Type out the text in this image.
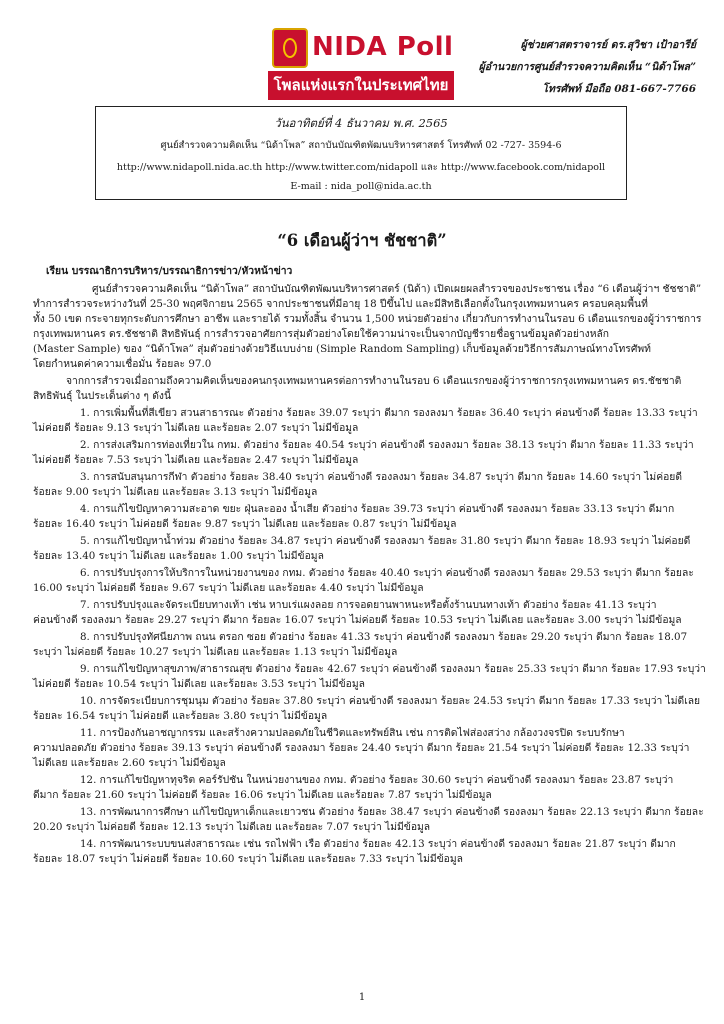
NIDA Poll
โพลแห่งแรกในประเทศไทย
ผู้ช่วยศาสตราจารย์ ดร.สุวิชา เป้าอารีย์
ผู้อำนวยการศูนย์สำรวจความคิดเห็น “นิด้าโพล”
โทรศัพท์ มือถือ 081-667-7766
วันอาทิตย์ที่ 4 ธันวาคม พ.ศ. 2565
ศูนย์สำรวจความคิดเห็น “นิด้าโพล” สถาบันบัณฑิตพัฒนบริหารศาสตร์ โทรศัพท์ 02 -727- 3594-6
http://www.nidapoll.nida.ac.th http://www.twitter.com/nidapoll และ http://www.facebook.com/nidapoll
E-mail : nida_poll@nida.ac.th
“6 เดือนผู้ว่าฯ ชัชชาติ”
เรียน บรรณาธิการบริหาร/บรรณาธิการข่าว/หัวหน้าข่าว
ศูนย์สำรวจความคิดเห็น “นิด้าโพล” สถาบันบัณฑิตพัฒนบริหารศาสตร์ (นิด้า) เปิดเผยผลสำรวจของประชาชน เรื่อง “6 เดือนผู้ว่าฯ ชัชชาติ”
ทำการสำรวจระหว่างวันที่ 25-30 พฤศจิกายน 2565 จากประชาชนที่มีอายุ 18 ปีขึ้นไป และมีสิทธิเลือกตั้งในกรุงเทพมหานคร ครอบคลุมพื้นที่
ทั้ง 50 เขต กระจายทุกระดับการศึกษา อาชีพ และรายได้ รวมทั้งสิ้น จำนวน 1,500 หน่วยตัวอย่าง เกี่ยวกับการทำงานในรอบ 6 เดือนแรกของผู้ว่าราชการ
กรุงเทพมหานคร ดร.ชัชชาติ สิทธิพันธุ์ การสำรวจอาศัยการสุ่มตัวอย่างโดยใช้ความน่าจะเป็นจากบัญชีรายชื่อฐานข้อมูลตัวอย่างหลัก
(Master Sample) ของ “นิด้าโพล” สุ่มตัวอย่างด้วยวิธีแบบง่าย (Simple Random Sampling) เก็บข้อมูลด้วยวิธีการสัมภาษณ์ทางโทรศัพท์
โดยกำหนดค่าความเชื่อมั่น ร้อยละ 97.0
จากการสำรวจเมื่อถามถึงความคิดเห็นของคนกรุงเทพมหานครต่อการทำงานในรอบ 6 เดือนแรกของผู้ว่าราชการกรุงเทพมหานคร ดร.ชัชชาติ
สิทธิพันธุ์ ในประเด็นต่าง ๆ ดังนี้
1. การเพิ่มพื้นที่สีเขียว สวนสาธารณะ ตัวอย่าง ร้อยละ 39.07 ระบุว่า ดีมาก รองลงมา ร้อยละ 36.40 ระบุว่า ค่อนข้างดี ร้อยละ 13.33 ระบุว่า
ไม่ค่อยดี ร้อยละ 9.13 ระบุว่า ไม่ดีเลย และร้อยละ 2.07 ระบุว่า ไม่มีข้อมูล
2. การส่งเสริมการท่องเที่ยวใน กทม. ตัวอย่าง ร้อยละ 40.54 ระบุว่า ค่อนข้างดี รองลงมา ร้อยละ 38.13 ระบุว่า ดีมาก ร้อยละ 11.33 ระบุว่า
ไม่ค่อยดี ร้อยละ 7.53 ระบุว่า ไม่ดีเลย และร้อยละ 2.47 ระบุว่า ไม่มีข้อมูล
3. การสนับสนุนการกีฬา ตัวอย่าง ร้อยละ 38.40 ระบุว่า ค่อนข้างดี รองลงมา ร้อยละ 34.87 ระบุว่า ดีมาก ร้อยละ 14.60 ระบุว่า ไม่ค่อยดี
ร้อยละ 9.00 ระบุว่า ไม่ดีเลย และร้อยละ 3.13 ระบุว่า ไม่มีข้อมูล
4. การแก้ไขปัญหาความสะอาด ขยะ ฝุ่นละออง น้ำเสีย ตัวอย่าง ร้อยละ 39.73 ระบุว่า ค่อนข้างดี รองลงมา ร้อยละ 33.13 ระบุว่า ดีมาก
ร้อยละ 16.40 ระบุว่า ไม่ค่อยดี ร้อยละ 9.87 ระบุว่า ไม่ดีเลย และร้อยละ 0.87 ระบุว่า ไม่มีข้อมูล
5. การแก้ไขปัญหาน้ำท่วม ตัวอย่าง ร้อยละ 34.87 ระบุว่า ค่อนข้างดี รองลงมา ร้อยละ 31.80 ระบุว่า ดีมาก ร้อยละ 18.93 ระบุว่า ไม่ค่อยดี
ร้อยละ 13.40 ระบุว่า ไม่ดีเลย และร้อยละ 1.00 ระบุว่า ไม่มีข้อมูล
6. การปรับปรุงการให้บริการในหน่วยงานของ กทม. ตัวอย่าง ร้อยละ 40.40 ระบุว่า ค่อนข้างดี รองลงมา ร้อยละ 29.53 ระบุว่า ดีมาก ร้อยละ
16.00 ระบุว่า ไม่ค่อยดี ร้อยละ 9.67 ระบุว่า ไม่ดีเลย และร้อยละ 4.40 ระบุว่า ไม่มีข้อมูล
7. การปรับปรุงและจัดระเบียบทางเท้า เช่น หาบเร่แผงลอย การจอดยานพาหนะหรือตั้งร้านบนทางเท้า ตัวอย่าง ร้อยละ 41.13 ระบุว่า
ค่อนข้างดี รองลงมา ร้อยละ 29.27 ระบุว่า ดีมาก ร้อยละ 16.07 ระบุว่า ไม่ค่อยดี ร้อยละ 10.53 ระบุว่า ไม่ดีเลย และร้อยละ 3.00 ระบุว่า ไม่มีข้อมูล
8. การปรับปรุงทัศนียภาพ ถนน ตรอก ซอย ตัวอย่าง ร้อยละ 41.33 ระบุว่า ค่อนข้างดี รองลงมา ร้อยละ 29.20 ระบุว่า ดีมาก ร้อยละ 18.07
ระบุว่า ไม่ค่อยดี ร้อยละ 10.27 ระบุว่า ไม่ดีเลย และร้อยละ 1.13 ระบุว่า ไม่มีข้อมูล
9. การแก้ไขปัญหาสุขภาพ/สาธารณสุข ตัวอย่าง ร้อยละ 42.67 ระบุว่า ค่อนข้างดี รองลงมา ร้อยละ 25.33 ระบุว่า ดีมาก ร้อยละ 17.93 ระบุว่า
ไม่ค่อยดี ร้อยละ 10.54 ระบุว่า ไม่ดีเลย และร้อยละ 3.53 ระบุว่า ไม่มีข้อมูล
10. การจัดระเบียบการชุมนุม ตัวอย่าง ร้อยละ 37.80 ระบุว่า ค่อนข้างดี รองลงมา ร้อยละ 24.53 ระบุว่า ดีมาก ร้อยละ 17.33 ระบุว่า ไม่ดีเลย
ร้อยละ 16.54 ระบุว่า ไม่ค่อยดี และร้อยละ 3.80 ระบุว่า ไม่มีข้อมูล
11. การป้องกันอาชญากรรม และสร้างความปลอดภัยในชีวิตและทรัพย์สิน เช่น การติดไฟส่องสว่าง กล้องวงจรปิด ระบบรักษา
ความปลอดภัย ตัวอย่าง ร้อยละ 39.13 ระบุว่า ค่อนข้างดี รองลงมา ร้อยละ 24.40 ระบุว่า ดีมาก ร้อยละ 21.54 ระบุว่า ไม่ค่อยดี ร้อยละ 12.33 ระบุว่า
ไม่ดีเลย และร้อยละ 2.60 ระบุว่า ไม่มีข้อมูล
12. การแก้ไขปัญหาทุจริต คอร์รัปชัน ในหน่วยงานของ กทม. ตัวอย่าง ร้อยละ 30.60 ระบุว่า ค่อนข้างดี รองลงมา ร้อยละ 23.87 ระบุว่า
ดีมาก ร้อยละ 21.60 ระบุว่า ไม่ค่อยดี ร้อยละ 16.06 ระบุว่า ไม่ดีเลย และร้อยละ 7.87 ระบุว่า ไม่มีข้อมูล
13. การพัฒนาการศึกษา แก้ไขปัญหาเด็กและเยาวชน ตัวอย่าง ร้อยละ 38.47 ระบุว่า ค่อนข้างดี รองลงมา ร้อยละ 22.13 ระบุว่า ดีมาก ร้อยละ
20.20 ระบุว่า ไม่ค่อยดี ร้อยละ 12.13 ระบุว่า ไม่ดีเลย และร้อยละ 7.07 ระบุว่า ไม่มีข้อมูล
14. การพัฒนาระบบขนส่งสาธารณะ เช่น รถไฟฟ้า เรือ ตัวอย่าง ร้อยละ 42.13 ระบุว่า ค่อนข้างดี รองลงมา ร้อยละ 21.87 ระบุว่า ดีมาก
ร้อยละ 18.07 ระบุว่า ไม่ค่อยดี ร้อยละ 10.60 ระบุว่า ไม่ดีเลย และร้อยละ 7.33 ระบุว่า ไม่มีข้อมูล
1
